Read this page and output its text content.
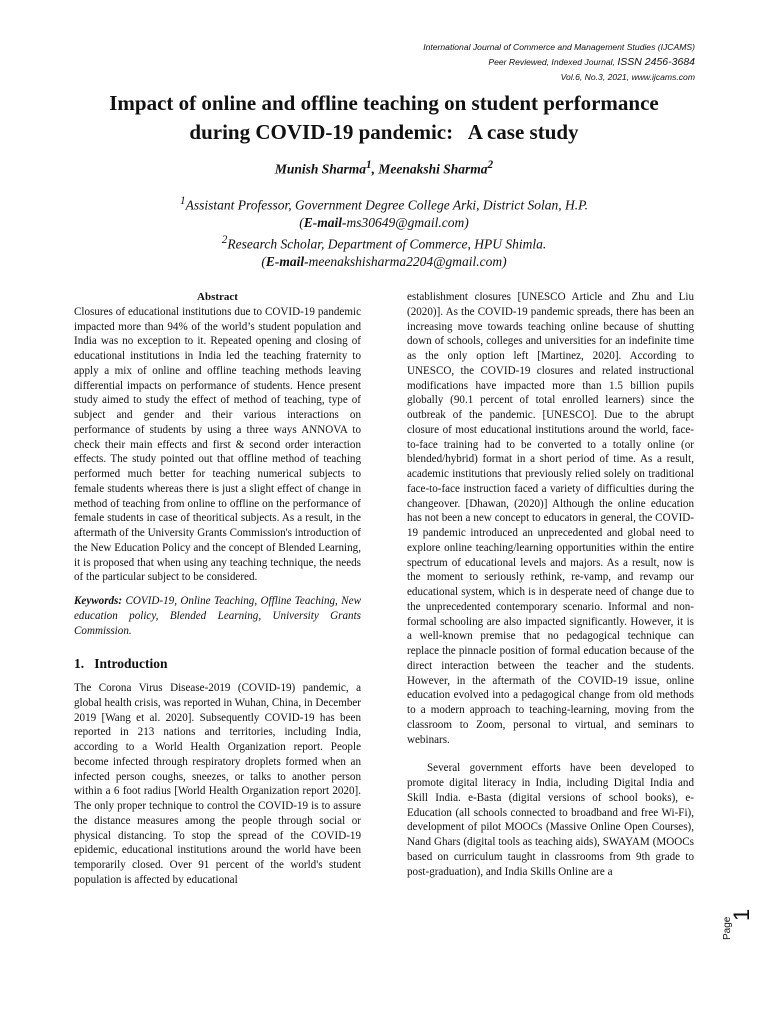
International Journal of Commerce and Management Studies (IJCAMS)
Peer Reviewed, Indexed Journal, ISSN 2456-3684
Vol.6, No.3, 2021, www.ijcams.com
Impact of online and offline teaching on student performance
during COVID-19 pandemic:   A case study
Munish Sharma$^1$, Meenakshi Sharma$^2$
$^1$Assistant Professor, Government Degree College Arki, District Solan, H.P.
(E-mail-ms30649@gmail.com)
$^2$Research Scholar, Department of Commerce, HPU Shimla.
(E-mail-meenakshisharma2204@gmail.com)

Abstract

Closures of educational institutions due to COVID-19 pandemic impacted more than 94% of the world’s student population and India was no exception to it. Repeated opening and closing of educational institutions in India led the teaching fraternity to apply a mix of online and offline teaching methods leaving differential impacts on performance of students. Hence present study aimed to study the effect of method of teaching, type of subject and gender and their various interactions on performance of students by using a three ways ANNOVA to check their main effects and first & second order interaction effects. The study pointed out that offline method of teaching performed much better for teaching numerical subjects to female students whereas there is just a slight effect of change in method of teaching from online to offline on the performance of female students in case of theoritical subjects. As a result, in the aftermath of the University Grants Commission's introduction of the New Education Policy and the concept of Blended Learning, it is proposed that when using any teaching technique, the needs of the particular subject to be considered.

Keywords: COVID-19, Online Teaching, Offline Teaching, New education policy, Blended Learning, University Grants Commission.

1.   Introduction

The Corona Virus Disease-2019 (COVID-19) pandemic, a global health crisis, was reported in Wuhan, China, in December 2019 [Wang et al. 2020]. Subsequently COVID-19 has been reported in 213 nations and territories, including India, according to a World Health Organization report. People become infected through respiratory droplets formed when an infected person coughs, sneezes, or talks to another person within a 6 foot radius [World Health Organization report 2020]. The only proper technique to control the COVID-19 is to assure the distance measures among the people through social or physical distancing. To stop the spread of the COVID-19 epidemic, educational institutions around the world have been temporarily closed. Over 91 percent of the world's student population is affected by educational

establishment closures [UNESCO Article and Zhu and Liu (2020)]. As the COVID-19 pandemic spreads, there has been an increasing move towards teaching online because of shutting down of schools, colleges and universities for an indefinite time as the only option left [Martinez, 2020]. According to UNESCO, the COVID-19 closures and related instructional modifications have impacted more than 1.5 billion pupils globally (90.1 percent of total enrolled learners) since the outbreak of the pandemic. [UNESCO]. Due to the abrupt closure of most educational institutions around the world, face-to-face training had to be converted to a totally online (or blended/hybrid) format in a short period of time. As a result, academic institutions that previously relied solely on traditional face-to-face instruction faced a variety of difficulties during the changeover. [Dhawan, (2020)] Although the online education has not been a new concept to educators in general, the COVID-19 pandemic introduced an unprecedented and global need to explore online teaching/learning opportunities within the entire spectrum of educational levels and majors. As a result, now is the moment to seriously rethink, re-vamp, and revamp our educational system, which is in desperate need of change due to the unprecedented contemporary scenario. Informal and non-formal schooling are also impacted significantly. However, it is a well-known premise that no pedagogical technique can replace the pinnacle position of formal education because of the direct interaction between the teacher and the students. However, in the aftermath of the COVID-19 issue, online education evolved into a pedagogical change from old methods to a modern approach to teaching-learning, moving from the classroom to Zoom, personal to virtual, and seminars to webinars.

Several government efforts have been developed to promote digital literacy in India, including Digital India and Skill India. e-Basta (digital versions of school books), e-Education (all schools connected to broadband and free Wi-Fi), development of pilot MOOCs (Massive Online Open Courses), Nand Ghars (digital tools as teaching aids), SWAYAM (MOOCs based on curriculum taught in classrooms from 9th grade to post-graduation), and India Skills Online are a

Page
1
